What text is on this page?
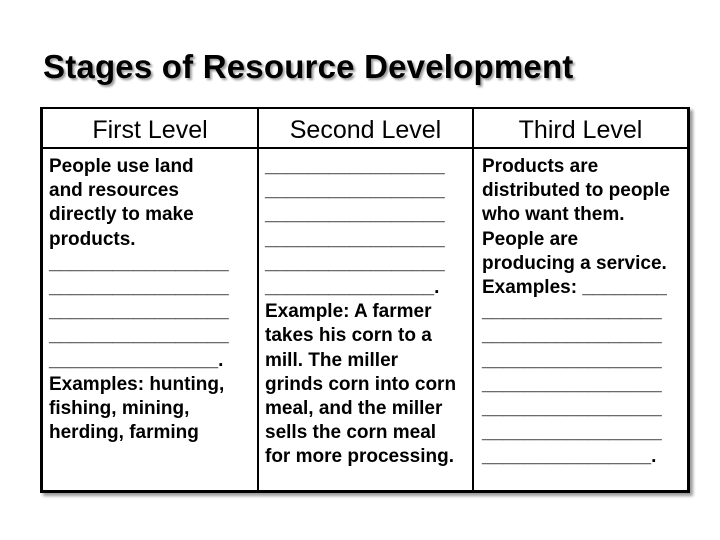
Stages of Resource Development
First Level
People use land
and resources
directly to make
products.
_________________
_________________
_________________
_________________
________________.
Examples: hunting,
fishing, mining,
herding, farming
Second Level
_________________
_________________
_________________
_________________
_________________
________________.
Example: A farmer
takes his corn to a
mill. The miller
grinds corn into corn
meal, and the miller
sells the corn meal
for more processing.
Third Level
Products are
distributed to people
who want them.
People are
producing a service.
Examples: ________
_________________
_________________
_________________
_________________
_________________
_________________
________________.
